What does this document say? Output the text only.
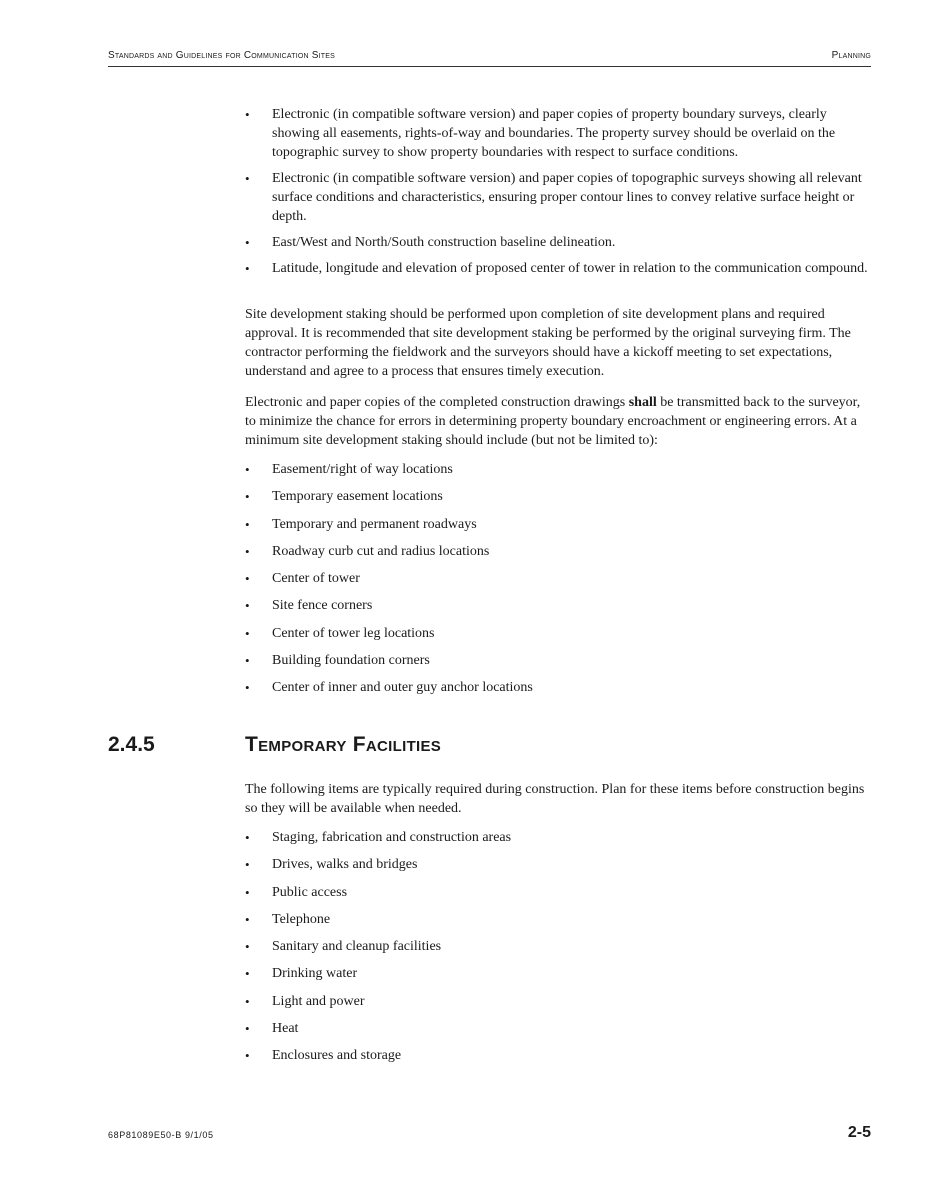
Standards and Guidelines for Communication Sites	Planning
• Electronic (in compatible software version) and paper copies of property boundary surveys, clearly showing all easements, rights-of-way and boundaries. The property survey should be overlaid on the topographic survey to show property boundaries with respect to surface conditions.
• Electronic (in compatible software version) and paper copies of topographic surveys showing all relevant surface conditions and characteristics, ensuring proper contour lines to convey relative surface height or depth.
• East/West and North/South construction baseline delineation.
• Latitude, longitude and elevation of proposed center of tower in relation to the communication compound.

Site development staking should be performed upon completion of site development plans and required approval. It is recommended that site development staking be performed by the original surveying firm. The contractor performing the fieldwork and the surveyors should have a kickoff meeting to set expectations, understand and agree to a process that ensures timely execution.

Electronic and paper copies of the completed construction drawings shall be transmitted back to the surveyor, to minimize the chance for errors in determining property boundary encroachment or engineering errors. At a minimum site development staking should include (but not be limited to):

• Easement/right of way locations
• Temporary easement locations
• Temporary and permanent roadways
• Roadway curb cut and radius locations
• Center of tower
• Site fence corners
• Center of tower leg locations
• Building foundation corners
• Center of inner and outer guy anchor locations
2.4.5	Temporary Facilities

The following items are typically required during construction. Plan for these items before construction begins so they will be available when needed.

• Staging, fabrication and construction areas
• Drives, walks and bridges
• Public access
• Telephone
• Sanitary and cleanup facilities
• Drinking water
• Light and power
• Heat
• Enclosures and storage
68P81089E50-B 9/1/05	2-5
